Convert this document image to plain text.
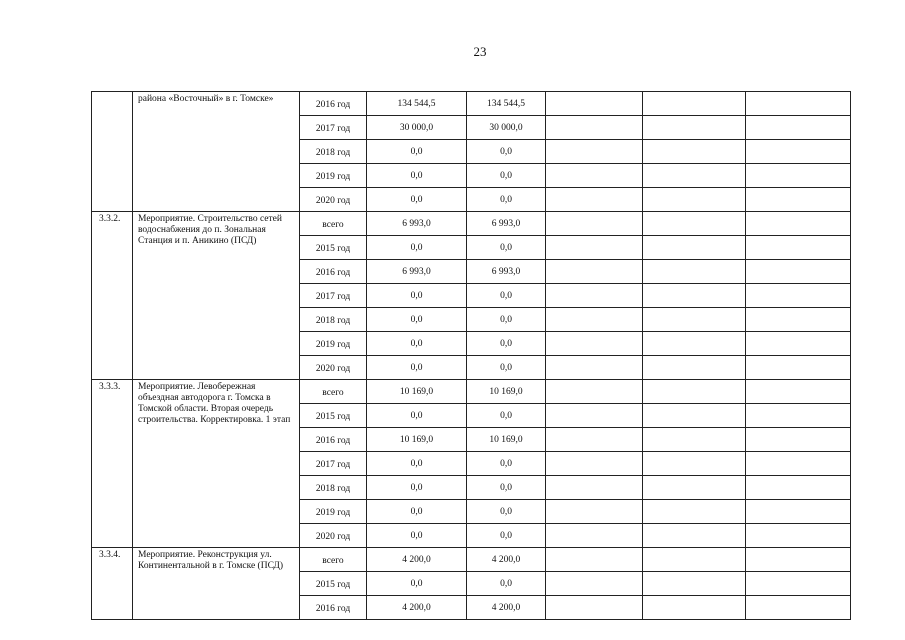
23
	района «Восточный» в г. Томске»	2016 год	134 544,5	134 544,5			
		2017 год	30 000,0	30 000,0			
		2018 год	0,0	0,0			
		2019 год	0,0	0,0			
		2020 год	0,0	0,0			
3.3.2.	Мероприятие. Строительство сетей водоснабжения до п. Зональная Станция и п. Аникино (ПСД)	всего	6 993,0	6 993,0			
		2015 год	0,0	0,0			
		2016 год	6 993,0	6 993,0			
		2017 год	0,0	0,0			
		2018 год	0,0	0,0			
		2019 год	0,0	0,0			
		2020 год	0,0	0,0			
3.3.3.	Мероприятие. Левобережная объездная автодорога г. Томска в Томской области. Вторая очередь строительства. Корректировка. 1 этап	всего	10 169,0	10 169,0			
		2015 год	0,0	0,0			
		2016 год	10 169,0	10 169,0			
		2017 год	0,0	0,0			
		2018 год	0,0	0,0			
		2019 год	0,0	0,0			
		2020 год	0,0	0,0			
3.3.4.	Мероприятие. Реконструкция ул. Континентальной в г. Томске (ПСД)	всего	4 200,0	4 200,0			
		2015 год	0,0	0,0			
		2016 год	4 200,0	4 200,0			
